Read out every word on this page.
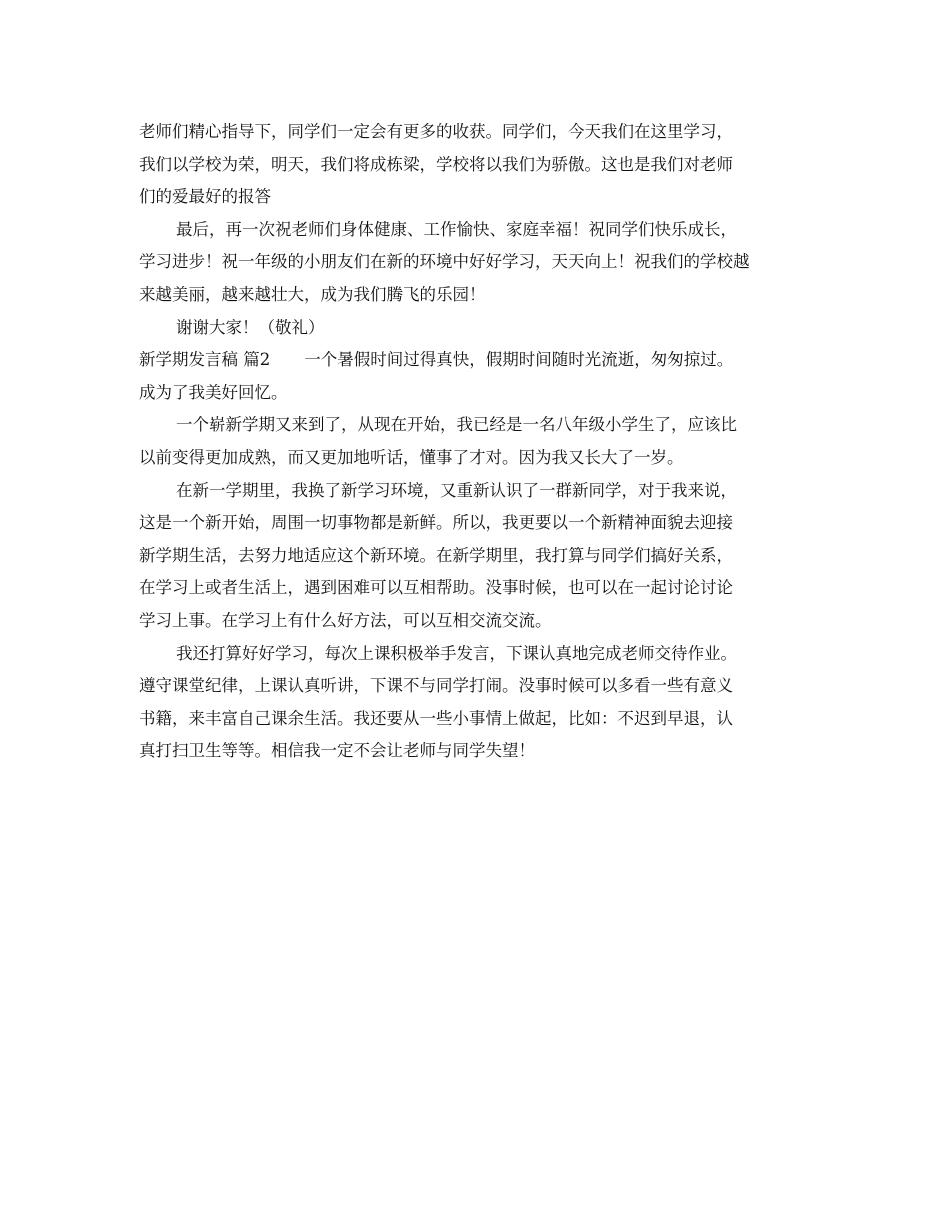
老师们精心指导下，同学们一定会有更多的收获。同学们，今天我们在这里学习，
我们以学校为荣，明天，我们将成栋梁，学校将以我们为骄傲。这也是我们对老师
们的爱最好的报答
最后，再一次祝老师们身体健康、工作愉快、家庭幸福！祝同学们快乐成长，
学习进步！祝一年级的小朋友们在新的环境中好好学习，天天向上！祝我们的学校越
来越美丽，越来越壮大，成为我们腾飞的乐园！
谢谢大家！（敬礼）
新学期发言稿 篇2 一个暑假时间过得真快，假期时间随时光流逝，匆匆掠过。
成为了我美好回忆。
一个崭新学期又来到了，从现在开始，我已经是一名八年级小学生了，应该比
以前变得更加成熟，而又更加地听话，懂事了才对。因为我又长大了一岁。
在新一学期里，我换了新学习环境，又重新认识了一群新同学，对于我来说，
这是一个新开始，周围一切事物都是新鲜。所以，我更要以一个新精神面貌去迎接
新学期生活，去努力地适应这个新环境。在新学期里，我打算与同学们搞好关系，
在学习上或者生活上，遇到困难可以互相帮助。没事时候，也可以在一起讨论讨论
学习上事。在学习上有什么好方法，可以互相交流交流。
我还打算好好学习，每次上课积极举手发言，下课认真地完成老师交待作业。
遵守课堂纪律，上课认真听讲，下课不与同学打闹。没事时候可以多看一些有意义
书籍，来丰富自己课余生活。我还要从一些小事情上做起，比如：不迟到早退，认
真打扫卫生等等。相信我一定不会让老师与同学失望！
